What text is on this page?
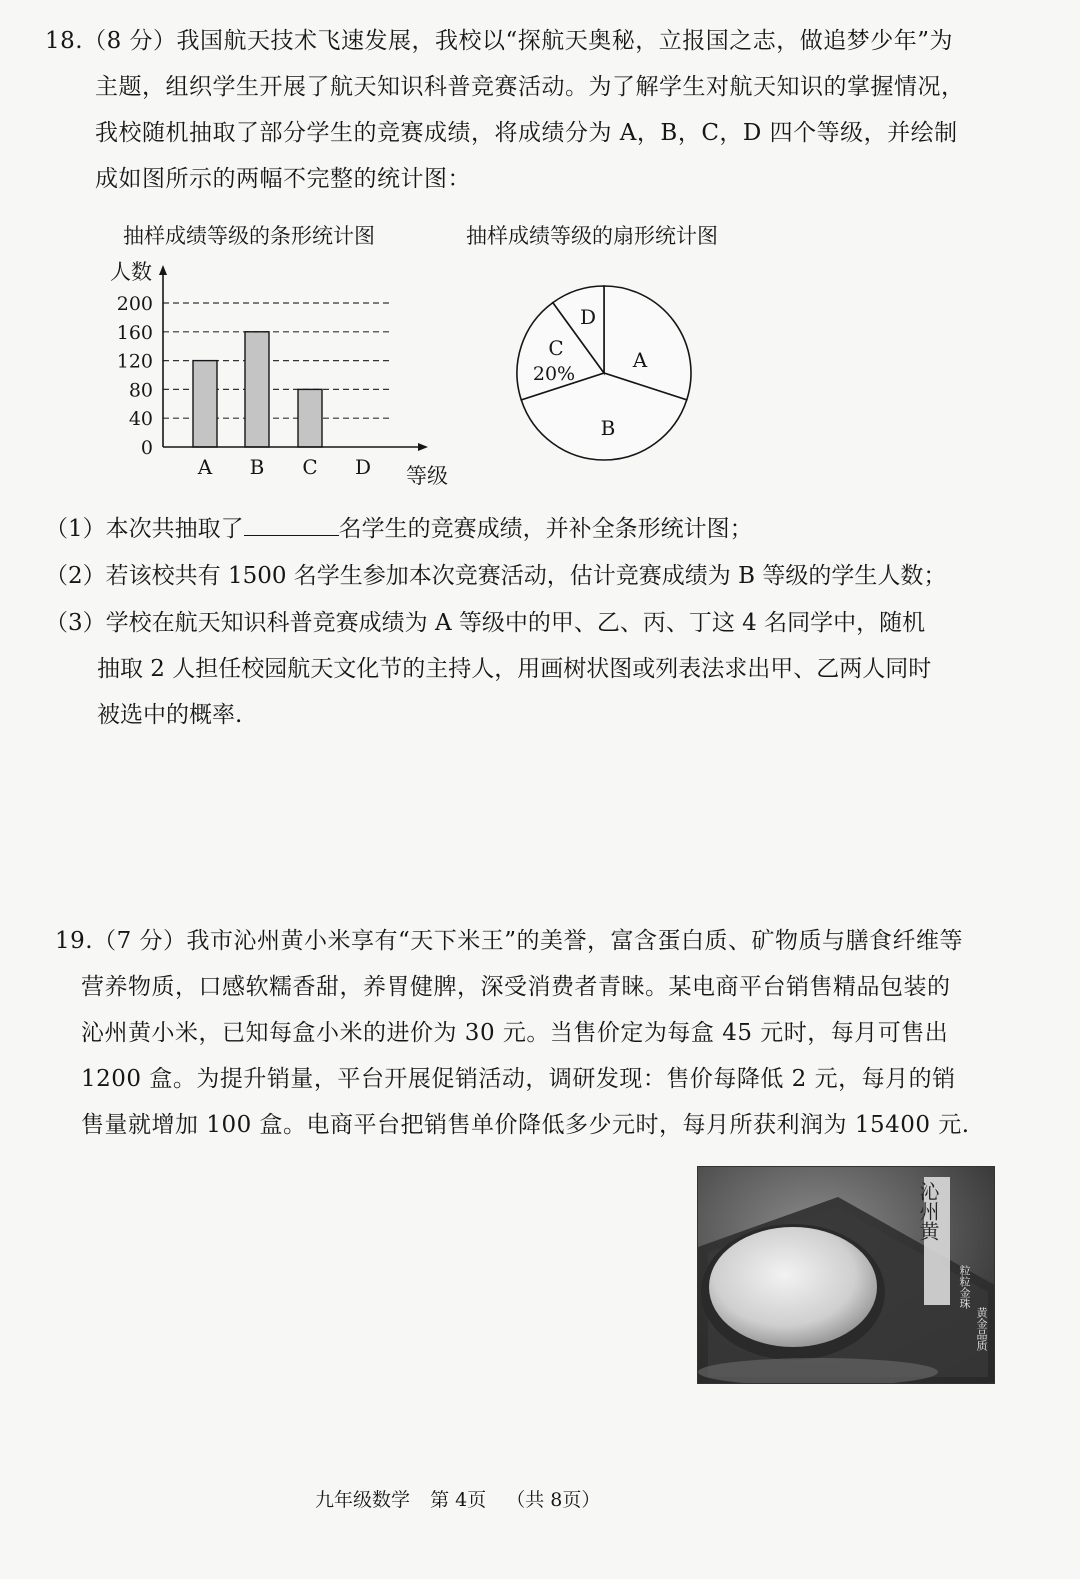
18.（8 分）我国航天技术飞速发展，我校以“探航天奥秘，立报国之志，做追梦少年”为
主题，组织学生开展了航天知识科普竞赛活动。为了解学生对航天知识的掌握情况，
我校随机抽取了部分学生的竞赛成绩，将成绩分为 A，B，C，D 四个等级，并绘制
成如图所示的两幅不完整的统计图：
抽样成绩等级的条形统计图	抽样成绩等级的扇形统计图
人数
等级
0
40
80
120
160
200
A B C D
A
B
C
20%
D
（1）本次共抽取了	名学生的竞赛成绩，并补全条形统计图；
（2）若该校共有 1500 名学生参加本次竞赛活动，估计竞赛成绩为 B 等级的学生人数；
（3）学校在航天知识科普竞赛成绩为 A 等级中的甲、乙、丙、丁这 4 名同学中，随机
抽取 2 人担任校园航天文化节的主持人，用画树状图或列表法求出甲、乙两人同时
被选中的概率.
19.（7 分）我市沁州黄小米享有“天下米王”的美誉，富含蛋白质、矿物质与膳食纤维等
营养物质，口感软糯香甜，养胃健脾，深受消费者青睐。某电商平台销售精品包装的
沁州黄小米，已知每盒小米的进价为 30 元。当售价定为每盒 45 元时，每月可售出
1200 盒。为提升销量，平台开展促销活动，调研发现：售价每降低 2 元，每月的销
售量就增加 100 盒。电商平台把销售单价降低多少元时，每月所获利润为 15400 元.
沁州黄
粒粒金珠
黄金品质
九年级数学 第 4页 （共 8页）
